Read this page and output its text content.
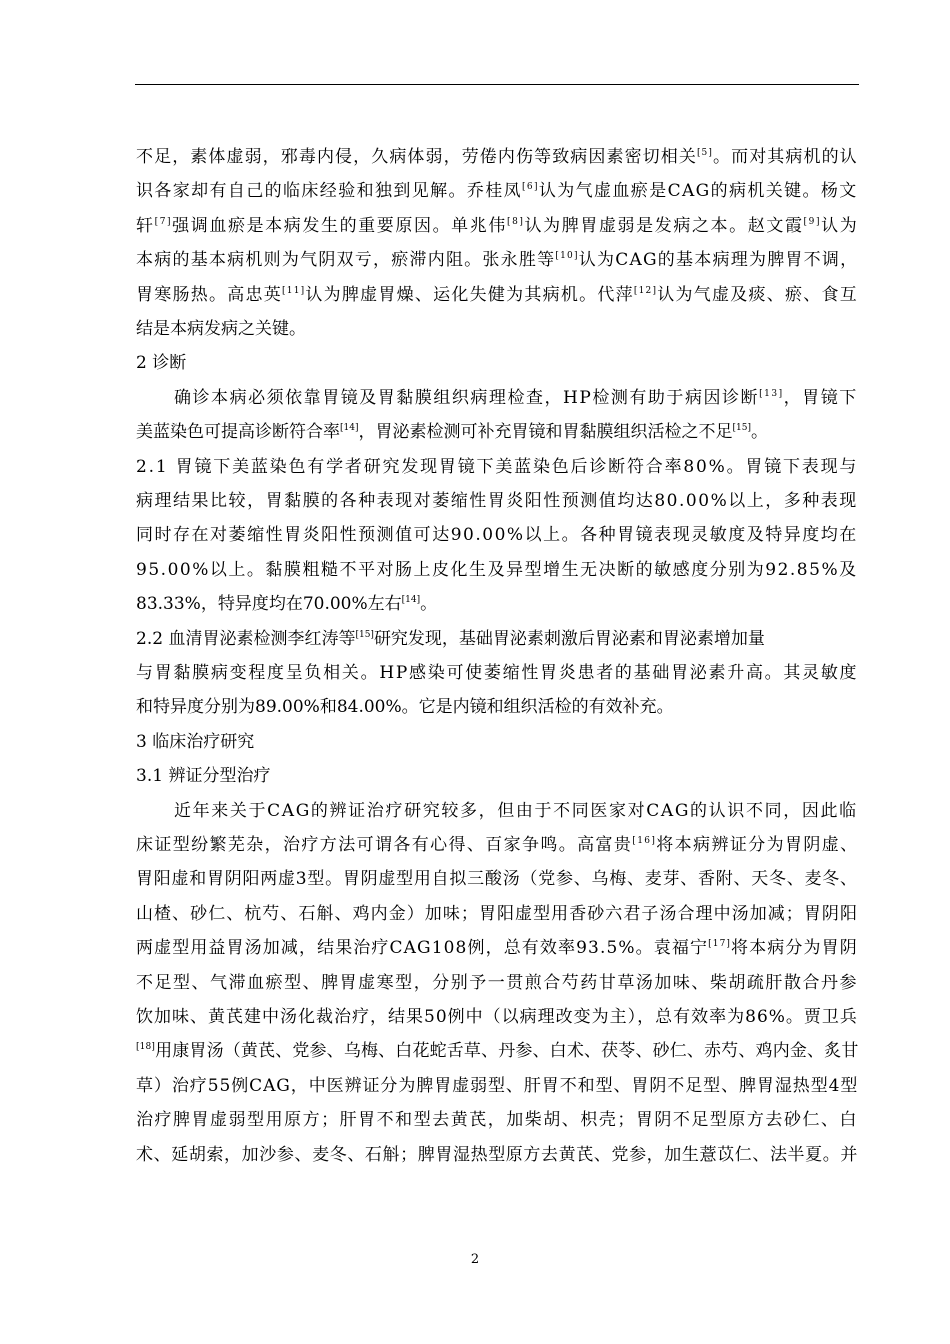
不足，素体虚弱，邪毒内侵，久病体弱，劳倦内伤等致病因素密切相关[5]。而对其病机的认
识各家却有自己的临床经验和独到见解。乔桂凤[6]认为气虚血瘀是CAG的病机关键。杨文
轩[7]强调血瘀是本病发生的重要原因。单兆伟[8]认为脾胃虚弱是发病之本。赵文霞[9]认为
本病的基本病机则为气阴双亏，瘀滞内阻。张永胜等[10]认为CAG的基本病理为脾胃不调，
胃寒肠热。高忠英[11]认为脾虚胃燥、运化失健为其病机。代萍[12]认为气虚及痰、瘀、食互
结是本病发病之关键。
2 诊断
确诊本病必须依靠胃镜及胃黏膜组织病理检查，HP检测有助于病因诊断[13]，胃镜下
美蓝染色可提高诊断符合率[14]，胃泌素检测可补充胃镜和胃黏膜组织活检之不足[15]。
2.1 胃镜下美蓝染色有学者研究发现胃镜下美蓝染色后诊断符合率80%。胃镜下表现与
病理结果比较，胃黏膜的各种表现对萎缩性胃炎阳性预测值均达80.00%以上，多种表现
同时存在对萎缩性胃炎阳性预测值可达90.00%以上。各种胃镜表现灵敏度及特异度均在
95.00%以上。黏膜粗糙不平对肠上皮化生及异型增生无决断的敏感度分别为92.85%及
83.33%，特异度均在70.00%左右[14]。
2.2 血清胃泌素检测李红涛等[15]研究发现，基础胃泌素刺激后胃泌素和胃泌素增加量
与胃黏膜病变程度呈负相关。HP感染可使萎缩性胃炎患者的基础胃泌素升高。其灵敏度
和特异度分别为89.00%和84.00%。它是内镜和组织活检的有效补充。
3 临床治疗研究
3.1 辨证分型治疗
近年来关于CAG的辨证治疗研究较多，但由于不同医家对CAG的认识不同，因此临
床证型纷繁芜杂，治疗方法可谓各有心得、百家争鸣。高富贵[16]将本病辨证分为胃阴虚、
胃阳虚和胃阴阳两虚3型。胃阴虚型用自拟三酸汤（党参、乌梅、麦芽、香附、天冬、麦冬、
山楂、砂仁、杭芍、石斛、鸡内金）加味；胃阳虚型用香砂六君子汤合理中汤加减；胃阴阳
两虚型用益胃汤加减，结果治疗CAG108例，总有效率93.5%。袁福宁[17]将本病分为胃阴
不足型、气滞血瘀型、脾胃虚寒型，分别予一贯煎合芍药甘草汤加味、柴胡疏肝散合丹参
饮加味、黄芪建中汤化裁治疗，结果50例中（以病理改变为主），总有效率为86%。贾卫兵
[18]用康胃汤（黄芪、党参、乌梅、白花蛇舌草、丹参、白术、茯苓、砂仁、赤芍、鸡内金、炙甘
草）治疗55例CAG，中医辨证分为脾胃虚弱型、肝胃不和型、胃阴不足型、脾胃湿热型4型
治疗脾胃虚弱型用原方；肝胃不和型去黄芪，加柴胡、枳壳；胃阴不足型原方去砂仁、白
术、延胡索，加沙参、麦冬、石斛；脾胃湿热型原方去黄芪、党参，加生薏苡仁、法半夏。并
2
